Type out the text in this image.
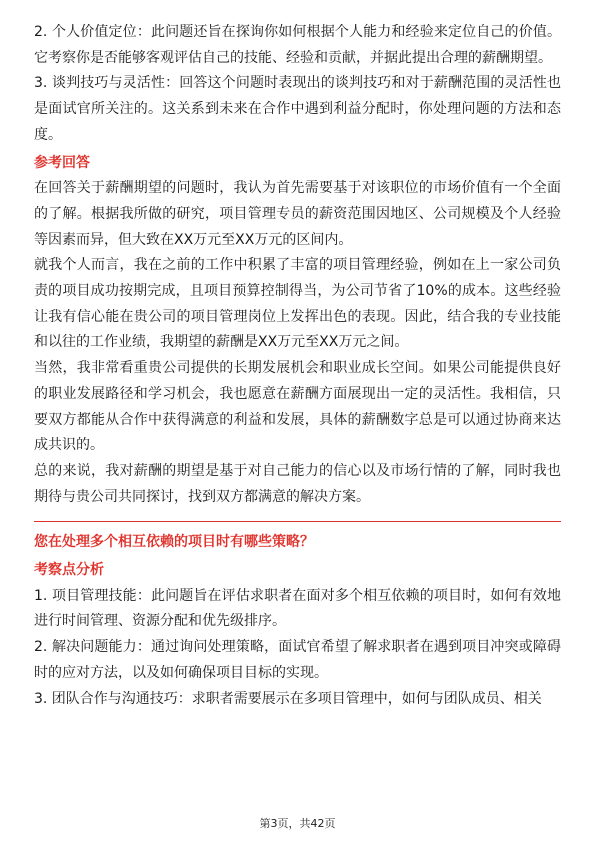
2. 个人价值定位：此问题还旨在探询你如何根据个人能力和经验来定位自己的价值。它考察你是否能够客观评估自己的技能、经验和贡献，并据此提出合理的薪酬期望。

3. 谈判技巧与灵活性：回答这个问题时表现出的谈判技巧和对于薪酬范围的灵活性也是面试官所关注的。这关系到未来在合作中遇到利益分配时，你处理问题的方法和态度。

参考回答

在回答关于薪酬期望的问题时，我认为首先需要基于对该职位的市场价值有一个全面的了解。根据我所做的研究，项目管理专员的薪资范围因地区、公司规模及个人经验等因素而异，但大致在XX万元至XX万元的区间内。

就我个人而言，我在之前的工作中积累了丰富的项目管理经验，例如在上一家公司负责的项目成功按期完成，且项目预算控制得当，为公司节省了10%的成本。这些经验让我有信心能在贵公司的项目管理岗位上发挥出色的表现。因此，结合我的专业技能和以往的工作业绩，我期望的薪酬是XX万元至XX万元之间。

当然，我非常看重贵公司提供的长期发展机会和职业成长空间。如果公司能提供良好的职业发展路径和学习机会，我也愿意在薪酬方面展现出一定的灵活性。我相信，只要双方都能从合作中获得满意的利益和发展，具体的薪酬数字总是可以通过协商来达成共识的。

总的来说，我对薪酬的期望是基于对自己能力的信心以及市场行情的了解，同时我也期待与贵公司共同探讨，找到双方都满意的解决方案。

您在处理多个相互依赖的项目时有哪些策略？
考察点分析

1. 项目管理技能：此问题旨在评估求职者在面对多个相互依赖的项目时，如何有效地进行时间管理、资源分配和优先级排序。

2. 解决问题能力：通过询问处理策略，面试官希望了解求职者在遇到项目冲突或障碍时的应对方法，以及如何确保项目目标的实现。

3. 团队合作与沟通技巧：求职者需要展示在多项目管理中，如何与团队成员、相关

第3页，共42页
